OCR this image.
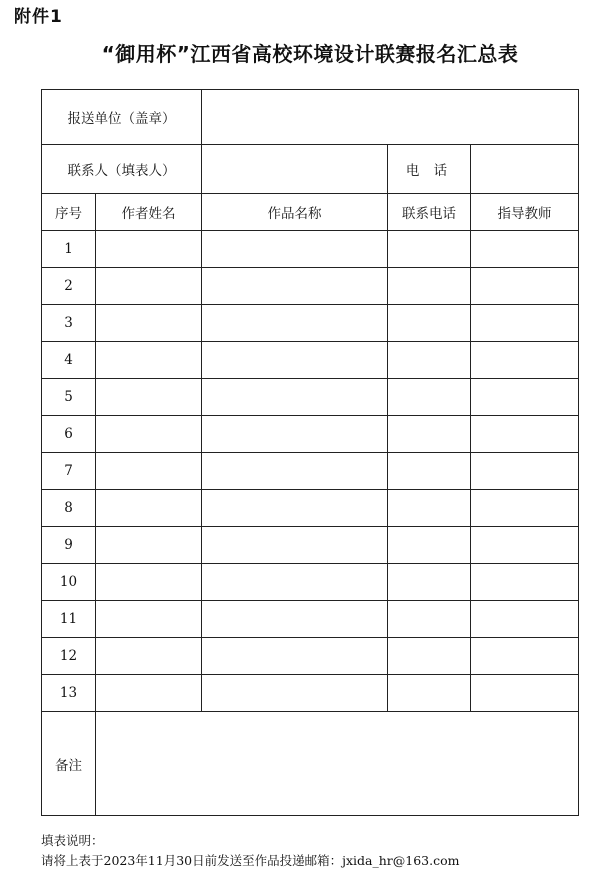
附件1
“御用杯”江西省高校环境设计联赛报名汇总表
报送单位（盖章）				
联系人（填表人）			电 话	
序号	作者姓名	作品名称	联系电话	指导教师
1				
2				
3				
4				
5				
6				
7				
8				
9				
10				
11				
12				
13				
备注				
填表说明：
请将上表于2023年11月30日前发送至作品投递邮箱：jxida_hr@163.com
